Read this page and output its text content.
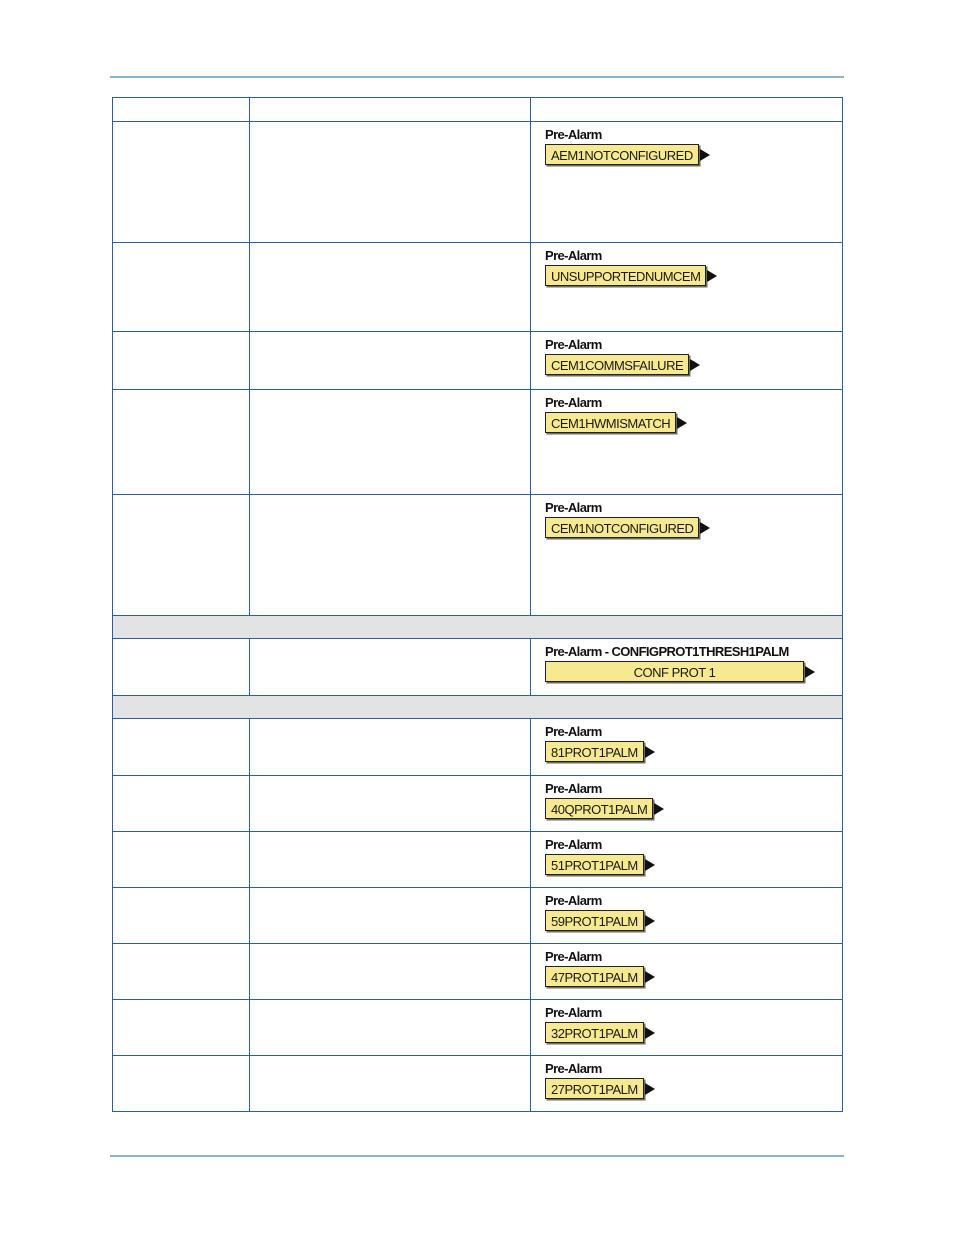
		Pre-Alarm
AEM1NOTCONFIGURED

		Pre-Alarm
UNSUPPORTEDNUMCEM

		Pre-Alarm
CEM1COMMSFAILURE

		Pre-Alarm
CEM1HWMISMATCH

		Pre-Alarm
CEM1NOTCONFIGURED

		Pre-Alarm - CONFIGPROT1THRESH1PALM
CONF PROT 1

		Pre-Alarm
81PROT1PALM

		Pre-Alarm
40QPROT1PALM

		Pre-Alarm
51PROT1PALM

		Pre-Alarm
59PROT1PALM

		Pre-Alarm
47PROT1PALM

		Pre-Alarm
32PROT1PALM

		Pre-Alarm
27PROT1PALM
